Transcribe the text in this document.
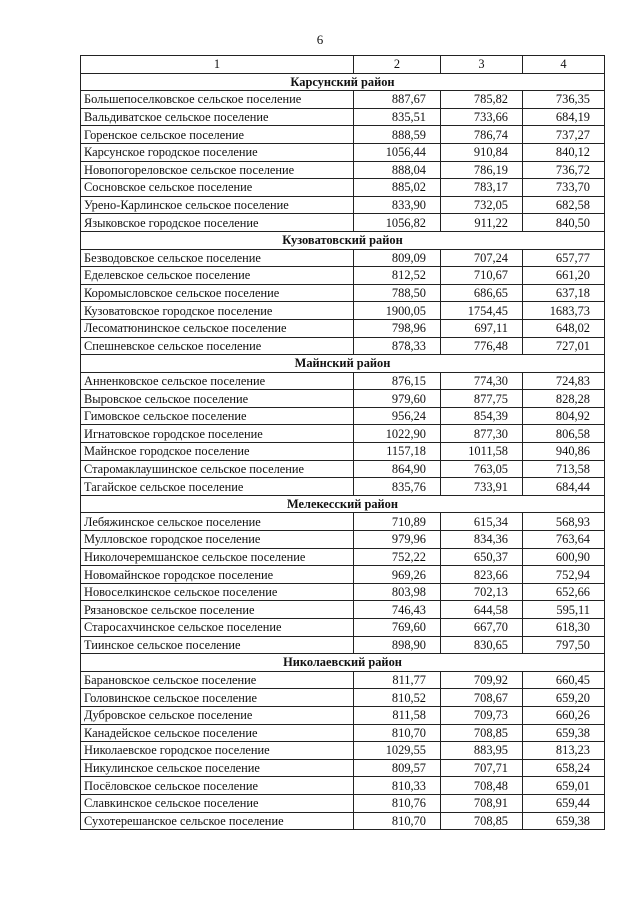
6
1	2	3	4
Карсунский район			
Большепоселковское сельское поселение	887,67	785,82	736,35
Вальдиватское сельское поселение	835,51	733,66	684,19
Горенское сельское поселение	888,59	786,74	737,27
Карсунское городское поселение	1056,44	910,84	840,12
Новопогореловское сельское поселение	888,04	786,19	736,72
Сосновское сельское поселение	885,02	783,17	733,70
Урено-Карлинское сельское поселение	833,90	732,05	682,58
Языковское городское поселение	1056,82	911,22	840,50
Кузоватовский район			
Безводовское сельское поселение	809,09	707,24	657,77
Еделевское сельское поселение	812,52	710,67	661,20
Коромысловское сельское поселение	788,50	686,65	637,18
Кузоватовское городское поселение	1900,05	1754,45	1683,73
Лесоматюнинское сельское поселение	798,96	697,11	648,02
Спешневское сельское поселение	878,33	776,48	727,01
Майнский район			
Анненковское сельское поселение	876,15	774,30	724,83
Выровское сельское поселение	979,60	877,75	828,28
Гимовское сельское поселение	956,24	854,39	804,92
Игнатовское городское поселение	1022,90	877,30	806,58
Майнское городское поселение	1157,18	1011,58	940,86
Старомаклаушинское сельское поселение	864,90	763,05	713,58
Тагайское сельское поселение	835,76	733,91	684,44
Мелекесский район			
Лебяжинское сельское поселение	710,89	615,34	568,93
Мулловское городское поселение	979,96	834,36	763,64
Николочеремшанское сельское поселение	752,22	650,37	600,90
Новомайнское городское поселение	969,26	823,66	752,94
Новоселкинское сельское поселение	803,98	702,13	652,66
Рязановское сельское поселение	746,43	644,58	595,11
Старосахчинское сельское поселение	769,60	667,70	618,30
Тиинское сельское поселение	898,90	830,65	797,50
Николаевский район			
Барановское сельское поселение	811,77	709,92	660,45
Головинское сельское поселение	810,52	708,67	659,20
Дубровское сельское поселение	811,58	709,73	660,26
Канадейское сельское поселение	810,70	708,85	659,38
Николаевское городское поселение	1029,55	883,95	813,23
Никулинское сельское поселение	809,57	707,71	658,24
Посёловское сельское поселение	810,33	708,48	659,01
Славкинское сельское поселение	810,76	708,91	659,44
Сухотерешанское сельское поселение	810,70	708,85	659,38
